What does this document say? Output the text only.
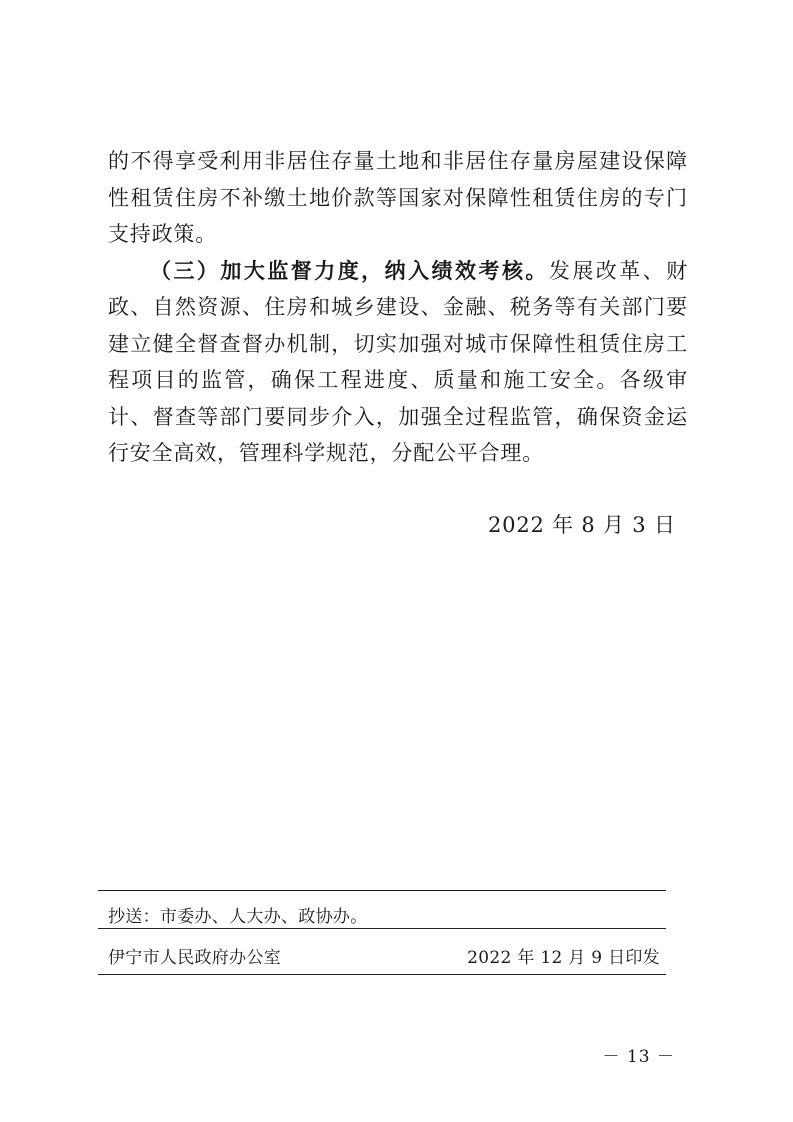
的不得享受利用非居住存量土地和非居住存量房屋建设保障性租赁住房不补缴土地价款等国家对保障性租赁住房的专门支持政策。

（三）加大监督力度，纳入绩效考核。发展改革、财政、自然资源、住房和城乡建设、金融、税务等有关部门要建立健全督查督办机制，切实加强对城市保障性租赁住房工程项目的监管，确保工程进度、质量和施工安全。各级审计、督查等部门要同步介入，加强全过程监管，确保资金运行安全高效，管理科学规范，分配公平合理。

2022 年 8 月 3 日
抄送：市委办、人大办、政协办。
伊宁市人民政府办公室	2022 年 12 月 9 日印发
－ 13 －
